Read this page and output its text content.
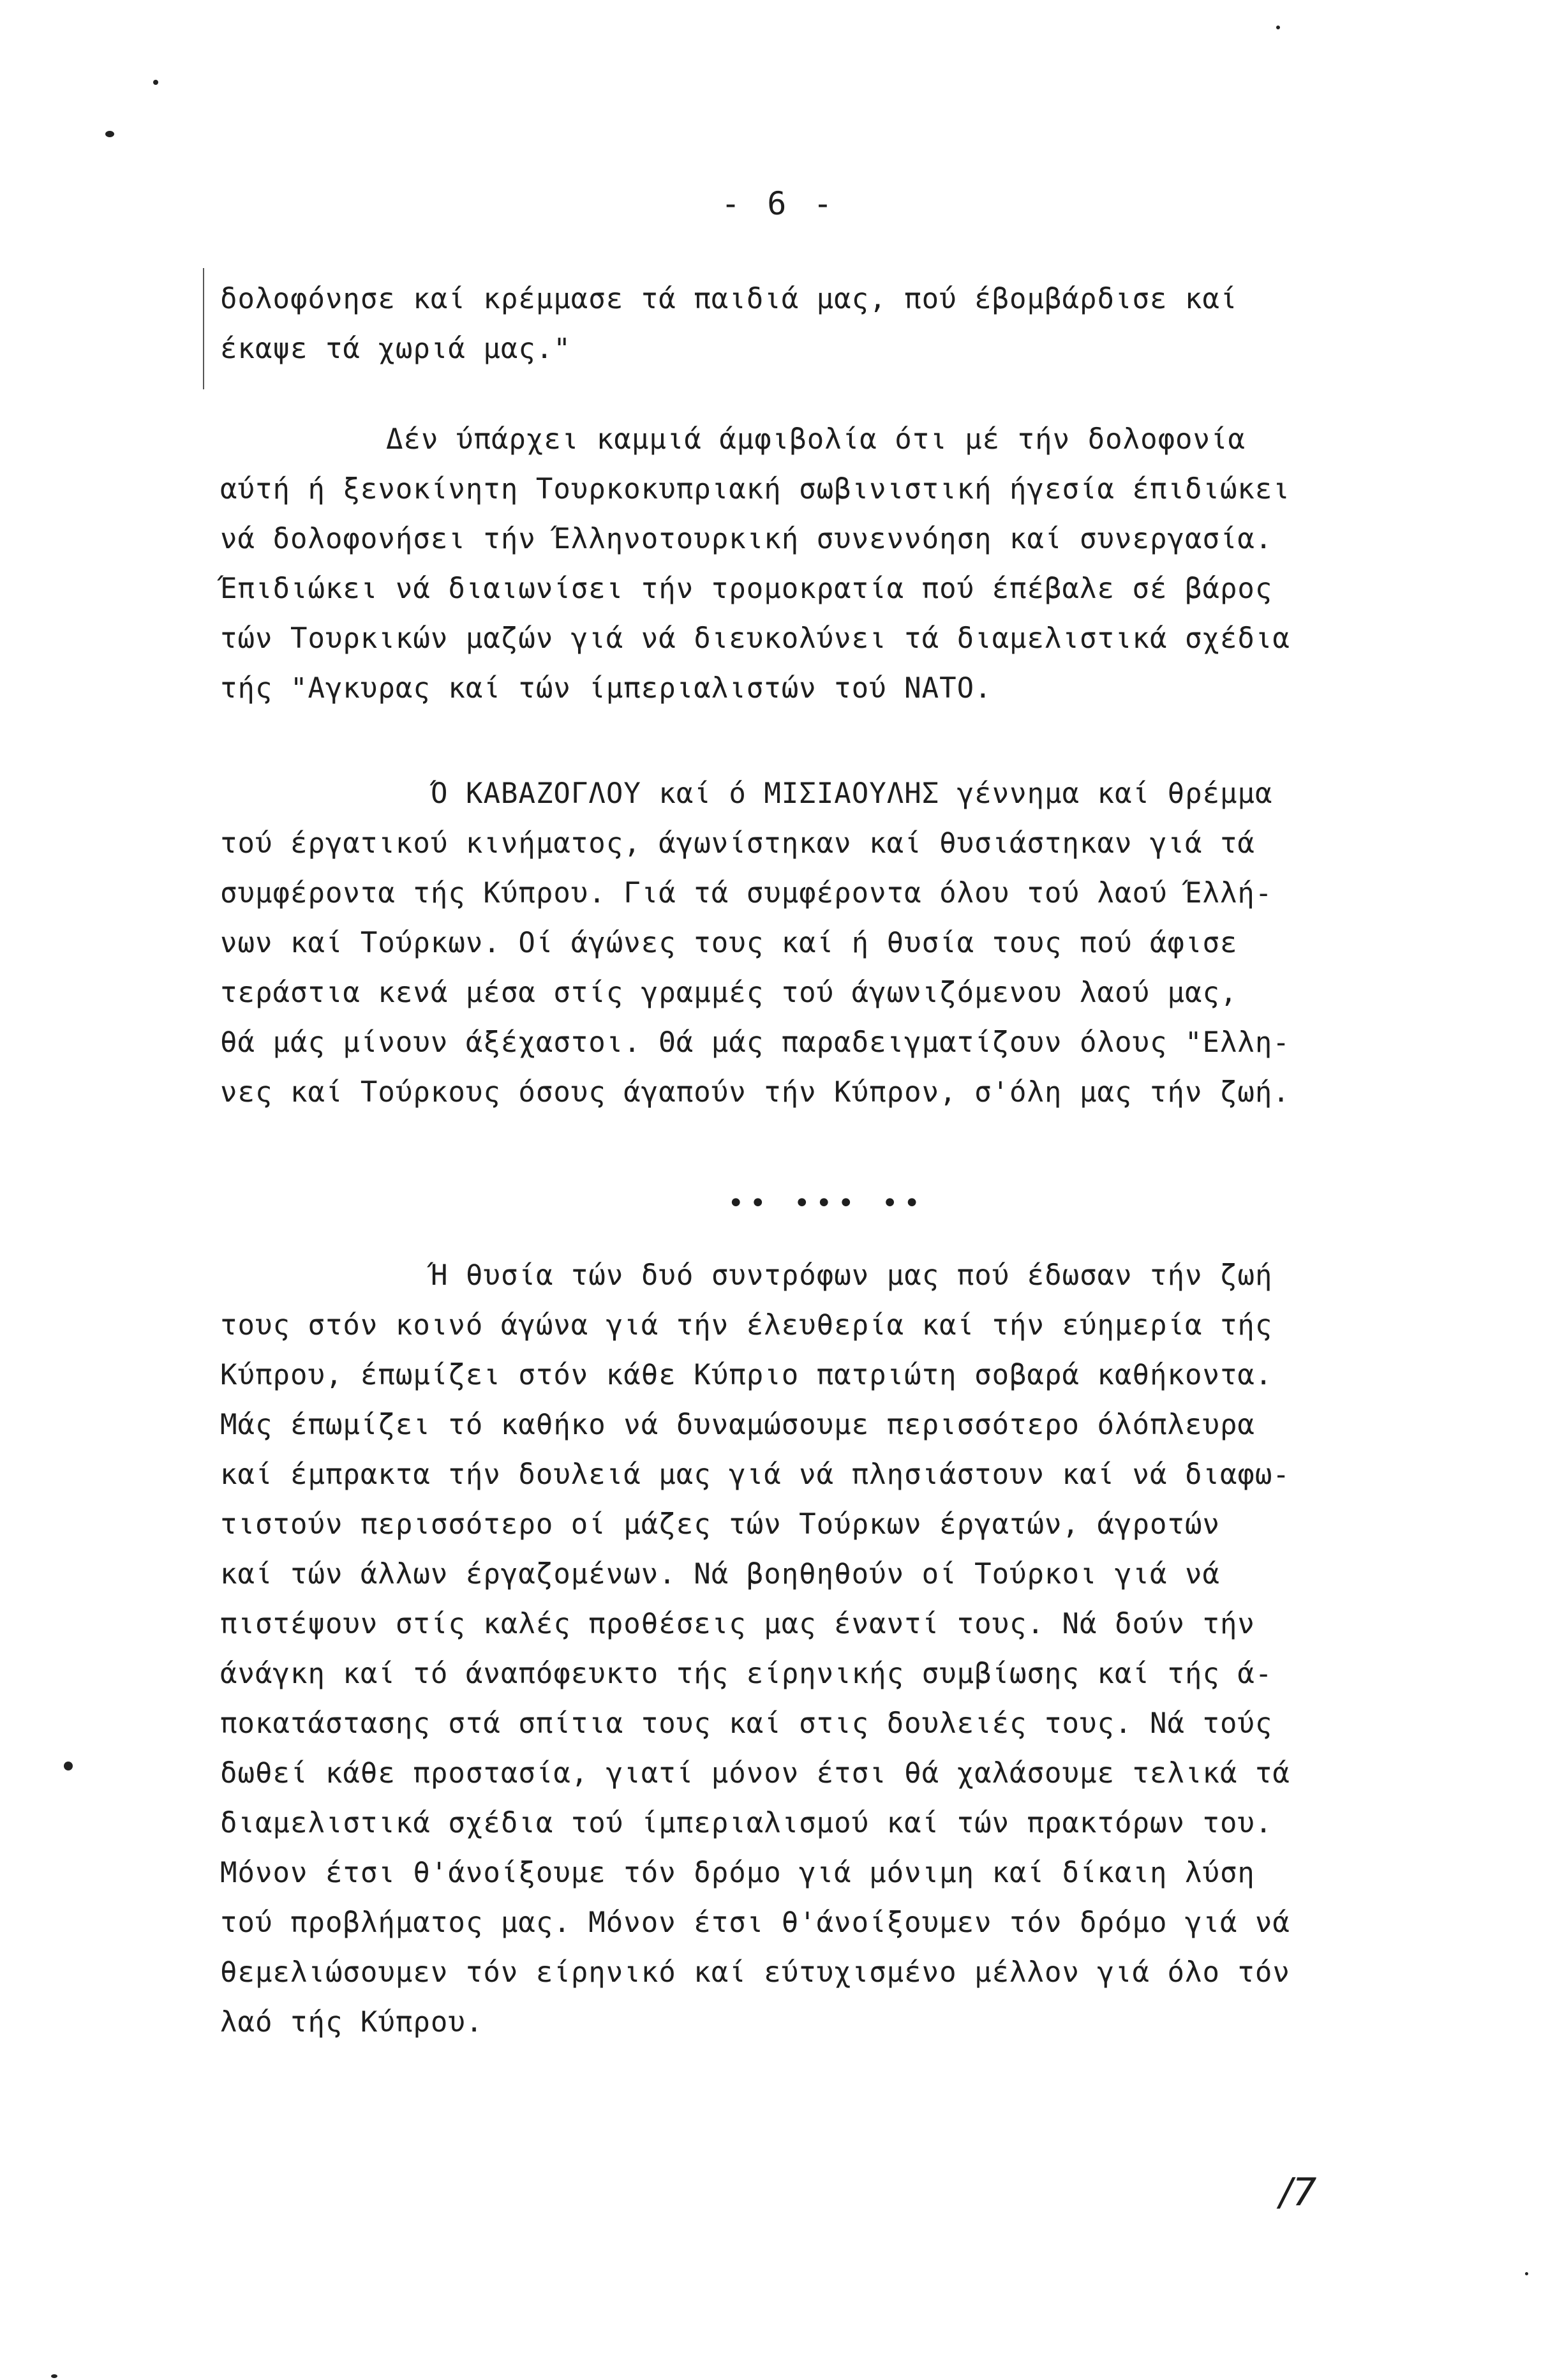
- 6 -
δολοφόνησε καί κρέμμασε τά παιδιά μας, πού έβομβάρδισε καί
έκαψε τά χωριά μας."
Δέν ύπάρχει καμμιά άμφιβολία ότι μέ τήν δολοφονία
αύτή ή ξενοκίνητη Τουρκοκυπριακή σωβινιστική ήγεσία έπιδιώκει
νά δολοφονήσει τήν Έλληνοτουρκική συνεννόηση καί συνεργασία.
Έπιδιώκει νά διαιωνίσει τήν τρομοκρατία πού έπέβαλε σέ βάρος
τών Τουρκικών μαζών γιά νά διευκολύνει τά διαμελιστικά σχέδια
τής "Αγκυρας καί τών ίμπεριαλιστών τού ΝΑΤΟ.
Ό ΚΑΒΑΖΟΓΛΟΥ καί ό ΜΙΣΙΑΟΥΛΗΣ γέννημα καί θρέμμα
τού έργατικού κινήματος, άγωνίστηκαν καί θυσιάστηκαν γιά τά
συμφέροντα τής Κύπρου. Γιά τά συμφέροντα όλου τού λαού Έλλή-
νων καί Τούρκων. Οί άγώνες τους καί ή θυσία τους πού άφισε
τεράστια κενά μέσα στίς γραμμές τού άγωνιζόμενου λαού μας,
θά μάς μίνουν άξέχαστοι. Θά μάς παραδειγματίζουν όλους "Ελλη-
νες καί Τούρκους όσους άγαπούν τήν Κύπρον, σ'όλη μας τήν ζωή.
•• ••• ••
Ή θυσία τών δυό συντρόφων μας πού έδωσαν τήν ζωή
τους στόν κοινό άγώνα γιά τήν έλευθερία καί τήν εύημερία τής
Κύπρου, έπωμίζει στόν κάθε Κύπριο πατριώτη σοβαρά καθήκοντα.
Μάς έπωμίζει τό καθήκο νά δυναμώσουμε περισσότερο όλόπλευρα
καί έμπρακτα τήν δουλειά μας γιά νά πλησιάστουν καί νά διαφω-
τιστούν περισσότερο οί μάζες τών Τούρκων έργατών, άγροτών
καί τών άλλων έργαζομένων. Νά βοηθηθούν οί Τούρκοι γιά νά
πιστέψουν στίς καλές προθέσεις μας έναντί τους. Νά δούν τήν
άνάγκη καί τό άναπόφευκτο τής είρηνικής συμβίωσης καί τής ά-
ποκατάστασης στά σπίτια τους καί στις δουλειές τους. Νά τούς
δωθεί κάθε προστασία, γιατί μόνον έτσι θά χαλάσουμε τελικά τά
διαμελιστικά σχέδια τού ίμπεριαλισμού καί τών πρακτόρων του.
Μόνον έτσι θ'άνοίξουμε τόν δρόμο γιά μόνιμη καί δίκαιη λύση
τού προβλήματος μας. Μόνον έτσι θ'άνοίξουμεν τόν δρόμο γιά νά
θεμελιώσουμεν τόν είρηνικό καί εύτυχισμένο μέλλον γιά όλο τόν
λαό τής Κύπρου.
/7
